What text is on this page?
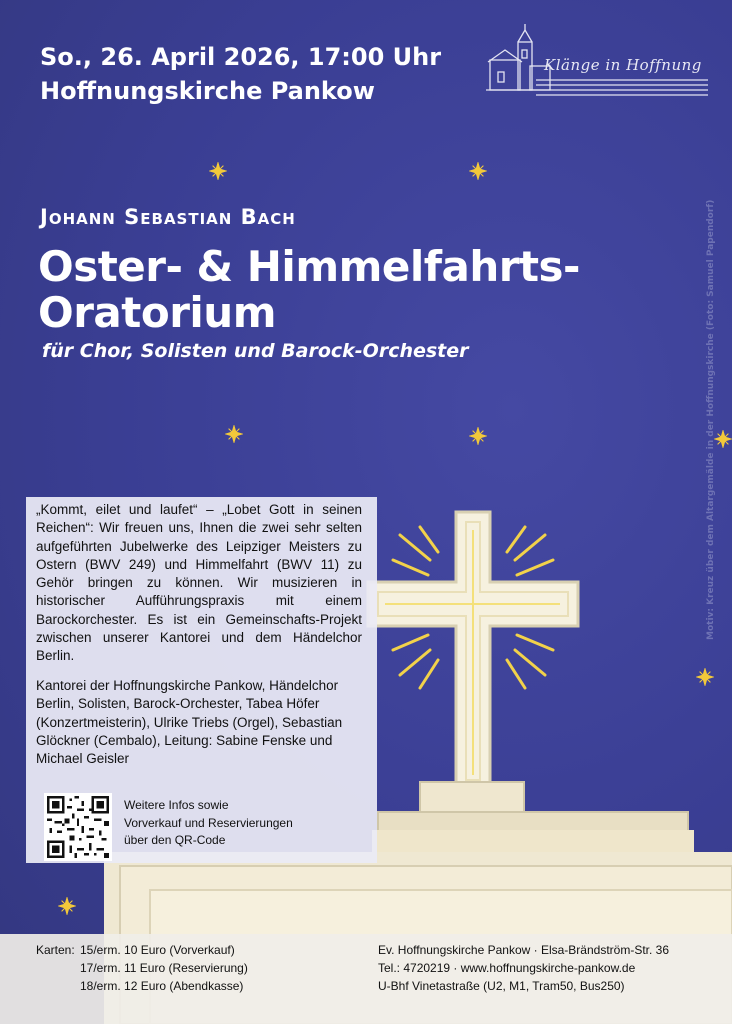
So., 26. April 2026, 17:00 Uhr
Hoffnungskirche Pankow
Klänge in Hoffnung
Johann Sebastian Bach
Oster- & Himmelfahrts-
Oratorium
für Chor, Solisten und Barock-Orchester	Motiv: Kreuz über dem Altargemälde in der Hoffnungskirche (Foto: Samuel Papendorf)
„Kommt, eilet und laufet“ – „Lobet Gott in seinen Reichen“: Wir freuen uns, Ihnen die zwei sehr selten aufgeführten Jubelwerke des Leipziger Meisters zu Ostern (BWV 249) und Himmelfahrt (BWV 11) zu Gehör bringen zu können. Wir musizieren in historischer Aufführungspraxis mit einem Barockorchester. Es ist ein Gemeinschafts-Projekt zwischen unserer Kantorei und dem Händelchor Berlin.
Kantorei der Hoffnungskirche Pankow, Händelchor Berlin, Solisten, Barock-Orchester, Tabea Höfer (Konzertmeisterin), Ulrike Triebs (Orgel), Sebastian Glöckner (Cembalo), Leitung: Sabine Fenske und Michael Geisler
Weitere Infos sowie
Vorverkauf und Reservierungen
über den QR-Code
Karten: 15/erm. 10 Euro (Vorverkauf)
17/erm. 11 Euro (Reservierung)
18/erm. 12 Euro (Abendkasse)
Ev. Hoffnungskirche Pankow · Elsa-Brändström-Str. 36
Tel.: 4720219 · www.hoffnungskirche-pankow.de
U-Bhf Vinetastraße (U2, M1, Tram50, Bus250)
